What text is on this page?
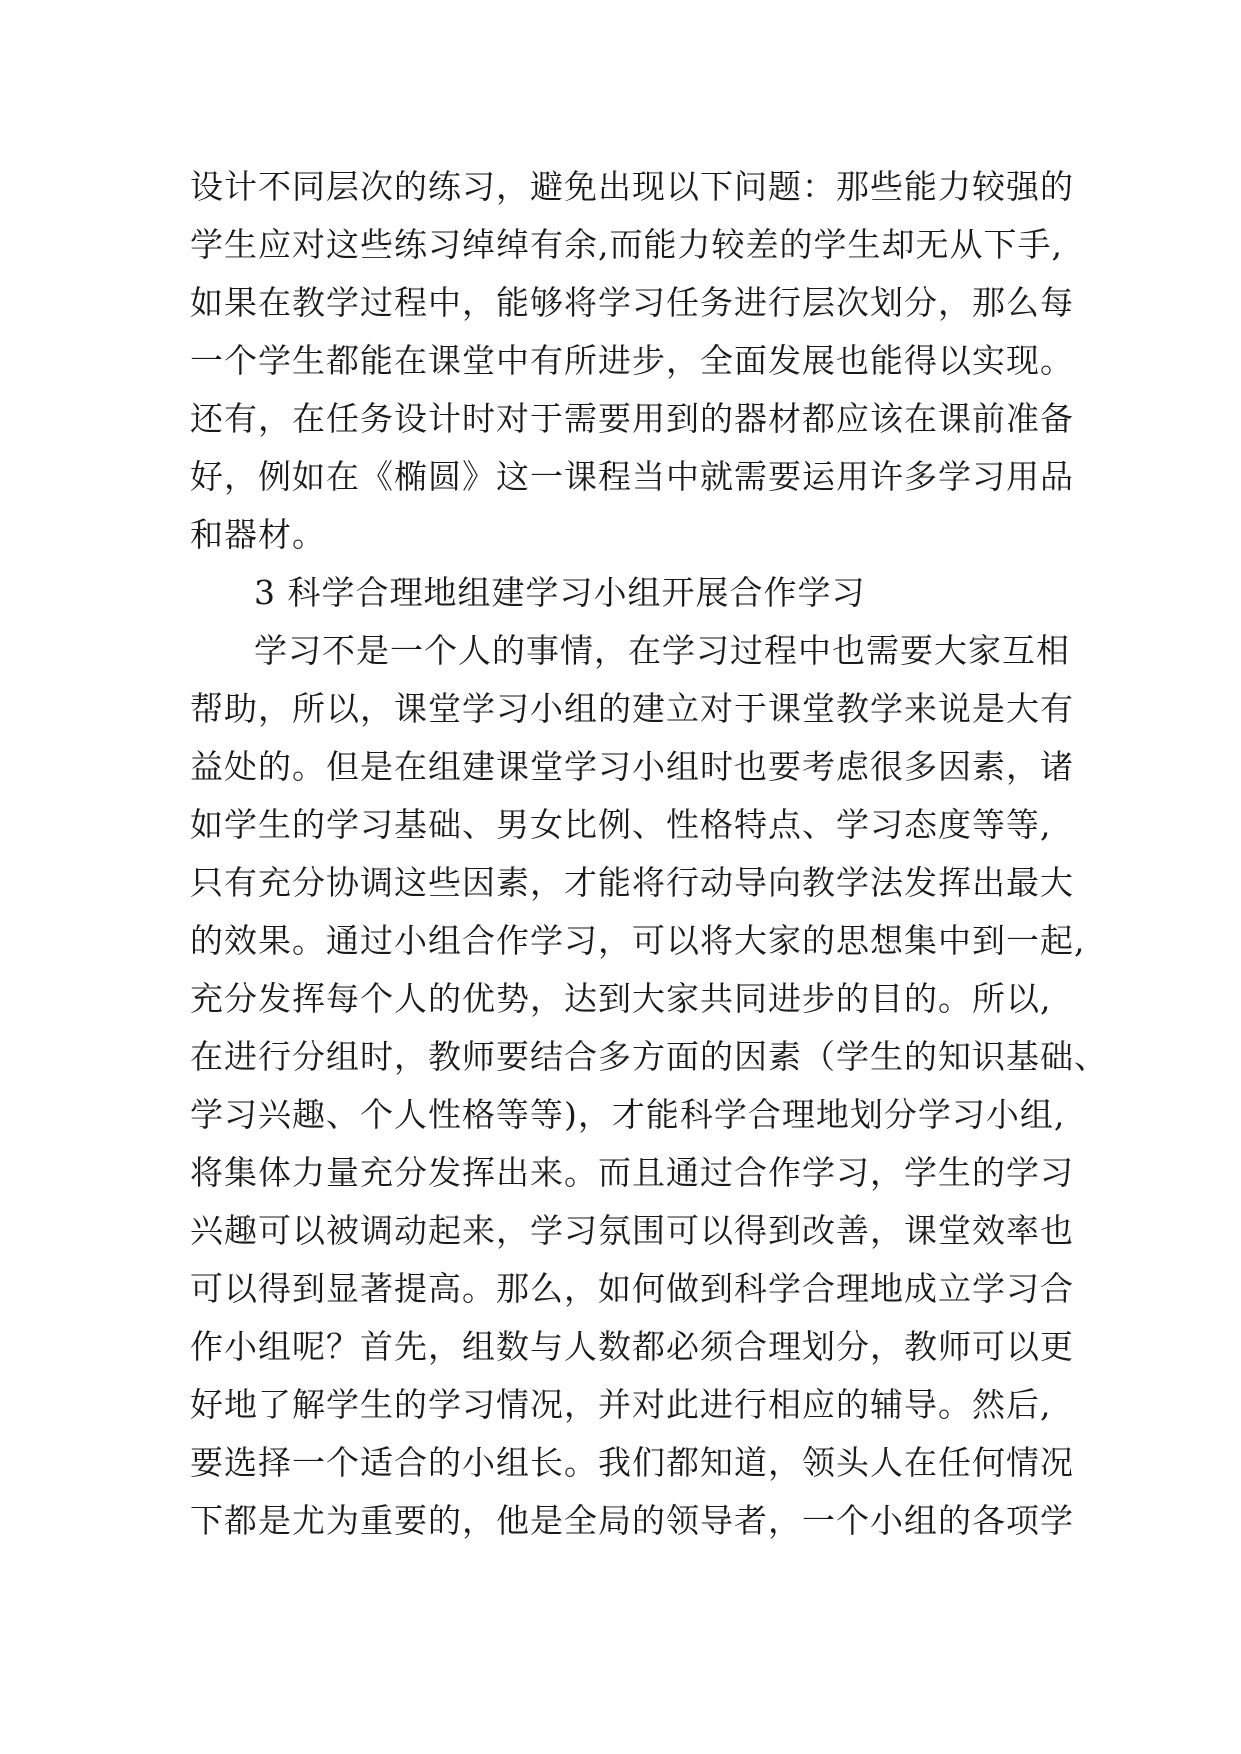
设计不同层次的练习，避免出现以下问题：那些能力较强的
学生应对这些练习绰绰有余,而能力较差的学生却无从下手,
如果在教学过程中，能够将学习任务进行层次划分，那么每
一个学生都能在课堂中有所进步，全面发展也能得以实现。
还有，在任务设计时对于需要用到的器材都应该在课前准备
好，例如在《椭圆》这一课程当中就需要运用许多学习用品
和器材。
3 科学合理地组建学习小组开展合作学习
学习不是一个人的事情，在学习过程中也需要大家互相
帮助，所以，课堂学习小组的建立对于课堂教学来说是大有
益处的。但是在组建课堂学习小组时也要考虑很多因素，诸
如学生的学习基础、男女比例、性格特点、学习态度等等,
只有充分协调这些因素，才能将行动导向教学法发挥出最大
的效果。通过小组合作学习，可以将大家的思想集中到一起,
充分发挥每个人的优势，达到大家共同进步的目的。所以,
在进行分组时，教师要结合多方面的因素（学生的知识基础、
学习兴趣、个人性格等等)，才能科学合理地划分学习小组,
将集体力量充分发挥出来。而且通过合作学习，学生的学习
兴趣可以被调动起来，学习氛围可以得到改善，课堂效率也
可以得到显著提高。那么，如何做到科学合理地成立学习合
作小组呢？首先，组数与人数都必须合理划分，教师可以更
好地了解学生的学习情况，并对此进行相应的辅导。然后,
要选择一个适合的小组长。我们都知道，领头人在任何情况
下都是尤为重要的，他是全局的领导者，一个小组的各项学
